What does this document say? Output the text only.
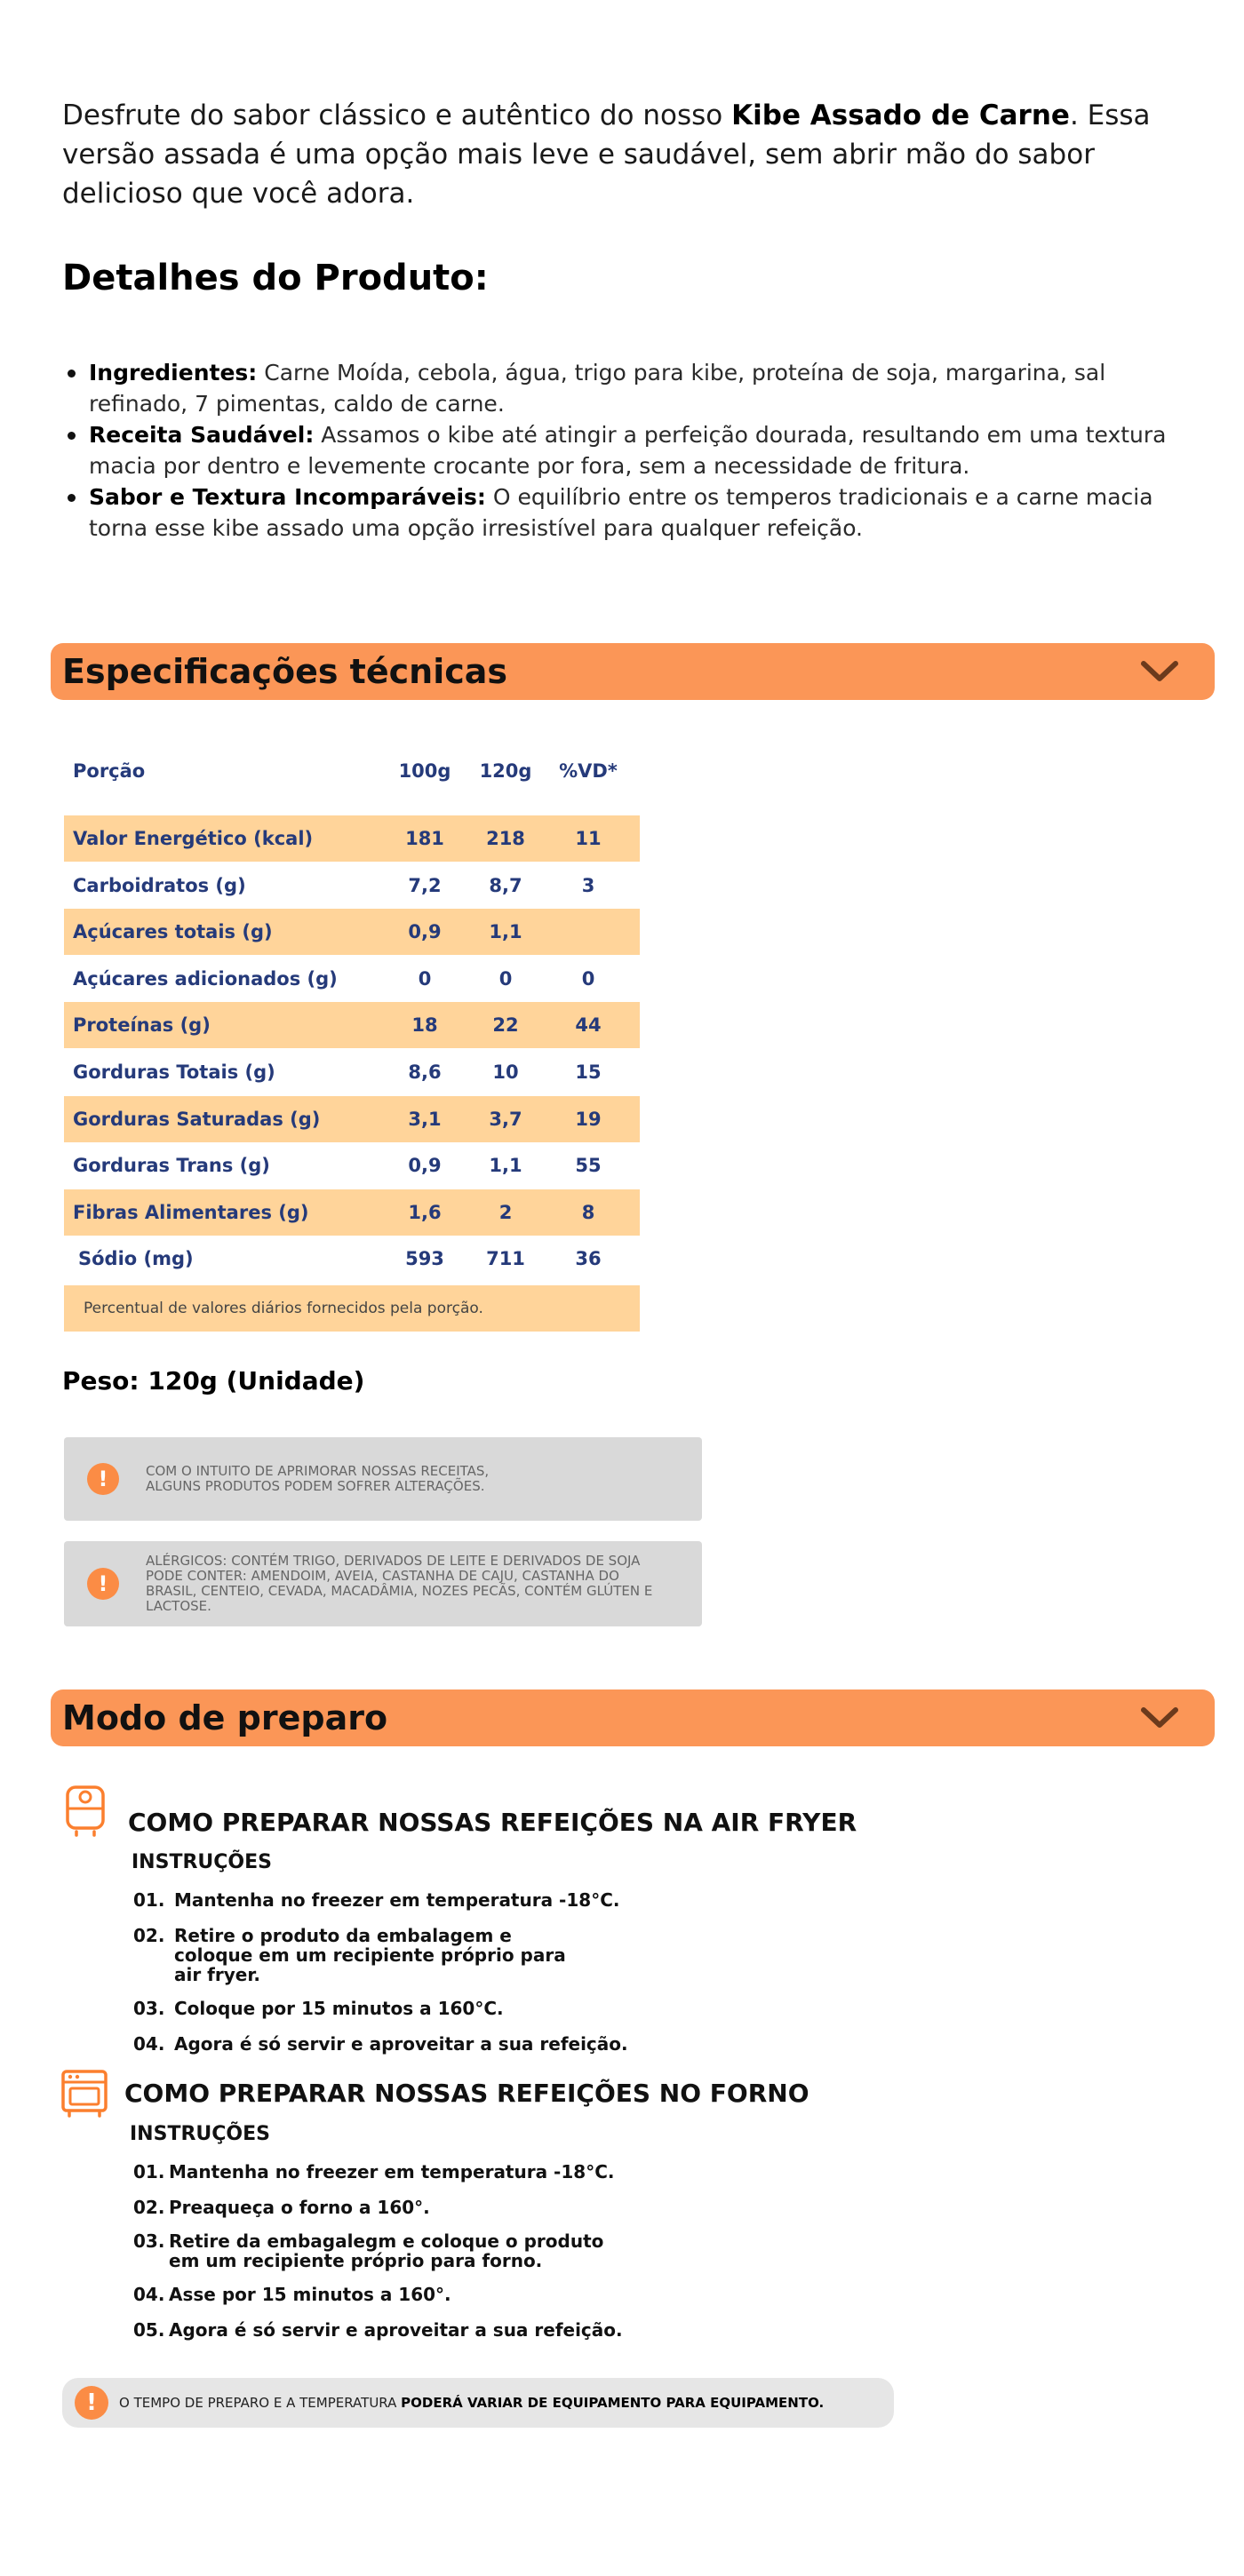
Desfrute do sabor clássico e autêntico do nosso Kibe Assado de Carne. Essa versão assada é uma opção mais leve e saudável, sem abrir mão do sabor delicioso que você adora.

Detalhes do Produto:
Ingredientes: Carne Moída, cebola, água, trigo para kibe, proteína de soja, margarina, sal refinado, 7 pimentas, caldo de carne.
Receita Saudável: Assamos o kibe até atingir a perfeição dourada, resultando em uma textura macia por dentro e levemente crocante por fora, sem a necessidade de fritura.
Sabor e Textura Incomparáveis: O equilíbrio entre os temperos tradicionais e a carne macia torna esse kibe assado uma opção irresistível para qualquer refeição.
Especificações técnicas
Porção	100g	120g	%VD*
Valor Energético (kcal)	181	218	11
Carboidratos (g)	7,2	8,7	3
Açúcares totais (g)	0,9	1,1
Açúcares adicionados (g)	0	0	0
Proteínas (g)	18	22	44
Gorduras Totais (g)	8,6	10	15
Gorduras Saturadas (g)	3,1	3,7	19
Gorduras Trans (g)	0,9	1,1	55
Fibras Alimentares (g)	1,6	2	8
Sódio (mg)	593	711	36
Percentual de valores diários fornecidos pela porção.
Peso: 120g (Unidade)
!	COM O INTUITO DE APRIMORAR NOSSAS RECEITAS, ALGUNS PRODUTOS PODEM SOFRER ALTERAÇÕES.
!
ALÉRGICOS: CONTÉM TRIGO, DERIVADOS DE LEITE E DERIVADOS DE SOJA PODE CONTER: AMENDOIM, AVEIA, CASTANHA DE CAJU, CASTANHA DO BRASIL, CENTEIO, CEVADA, MACADÂMIA, NOZES PECÃS, CONTÉM GLÚTEN E LACTOSE.
Modo de preparo
COMO PREPARAR NOSSAS REFEIÇÕES NA AIR FRYER
INSTRUÇÕES
01. Mantenha no freezer em temperatura -18°C.
02. Retire o produto da embalagem e coloque em um recipiente próprio para air fryer.
03. Coloque por 15 minutos a 160°C.
04. Agora é só servir e aproveitar a sua refeição.
COMO PREPARAR NOSSAS REFEIÇÕES NO FORNO
INSTRUÇÕES
01. Mantenha no freezer em temperatura -18°C.
02. Preaqueça o forno a 160°.
03. Retire da embagalegm e coloque o produto em um recipiente próprio para forno.
04. Asse por 15 minutos a 160°.
05. Agora é só servir e aproveitar a sua refeição.
!	O TEMPO DE PREPARO E A TEMPERATURA PODERÁ VARIAR DE EQUIPAMENTO PARA EQUIPAMENTO.
